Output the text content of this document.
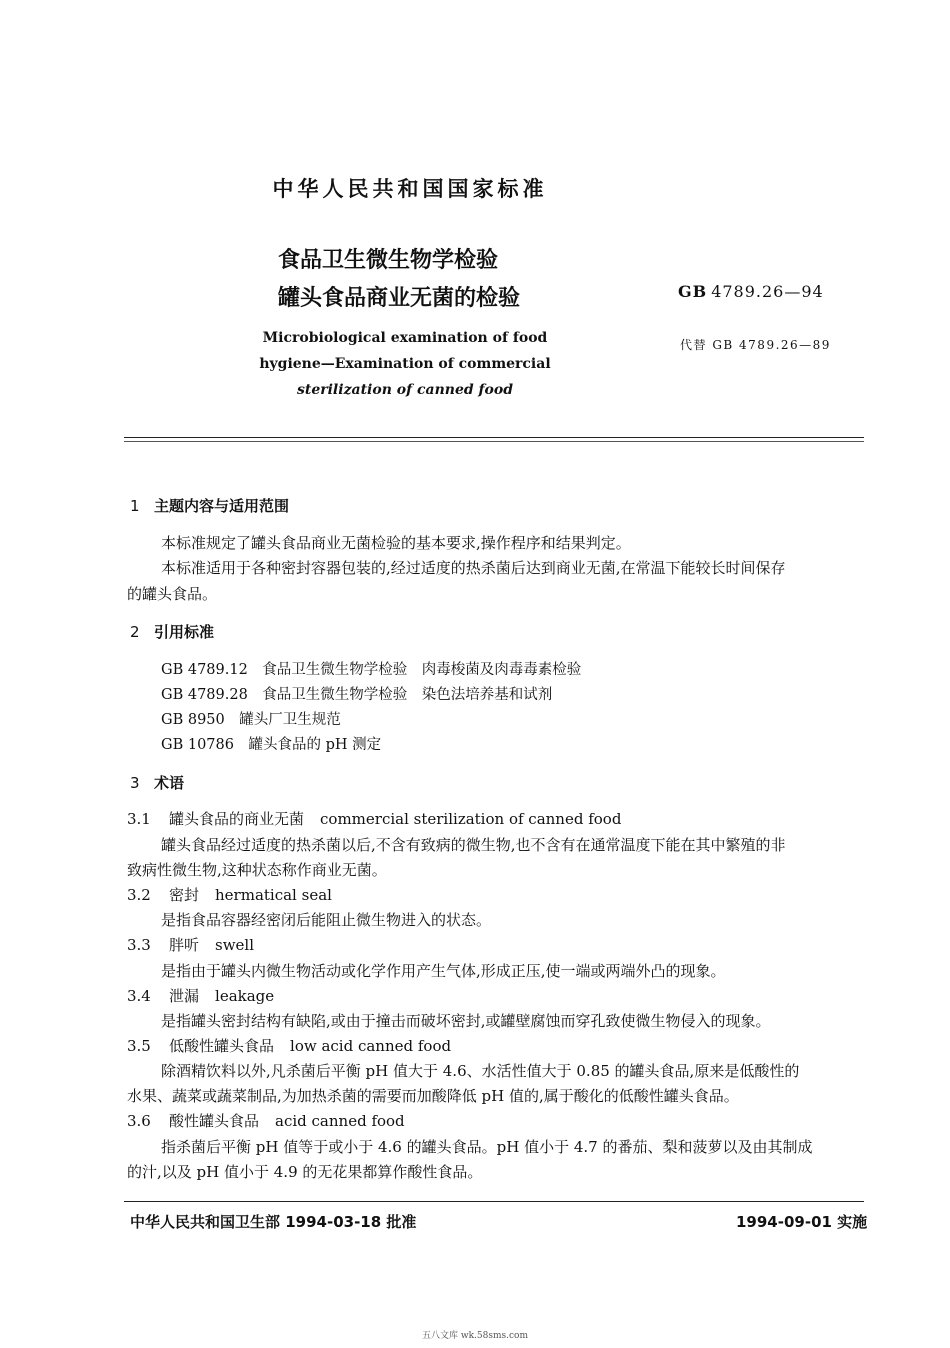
中华人民共和国国家标准
食品卫生微生物学检验
罐头食品商业无菌的检验	GB 4789.26—94
Microbiological examination of food
hygiene—Examination of commercial
sterilization of canned food
代替 GB 4789.26—89
1 主题内容与适用范围
本标准规定了罐头食品商业无菌检验的基本要求,操作程序和结果判定。
本标准适用于各种密封容器包装的,经过适度的热杀菌后达到商业无菌,在常温下能较长时间保存
的罐头食品。
2 引用标准
GB 4789.12　食品卫生微生物学检验　肉毒梭菌及肉毒毒素检验
GB 4789.28　食品卫生微生物学检验　染色法培养基和试剂
GB 8950　罐头厂卫生规范
GB 10786　罐头食品的 pH 测定
3 术语
3.1 罐头食品的商业无菌 commercial sterilization of canned food
罐头食品经过适度的热杀菌以后,不含有致病的微生物,也不含有在通常温度下能在其中繁殖的非
致病性微生物,这种状态称作商业无菌。
3.2 密封 hermatical seal
是指食品容器经密闭后能阻止微生物进入的状态。
3.3 胖听 swell
是指由于罐头内微生物活动或化学作用产生气体,形成正压,使一端或两端外凸的现象。
3.4 泄漏 leakage
是指罐头密封结构有缺陷,或由于撞击而破坏密封,或罐壁腐蚀而穿孔致使微生物侵入的现象。
3.5 低酸性罐头食品 low acid canned food
除酒精饮料以外,凡杀菌后平衡 pH 值大于 4.6、水活性值大于 0.85 的罐头食品,原来是低酸性的
水果、蔬菜或蔬菜制品,为加热杀菌的需要而加酸降低 pH 值的,属于酸化的低酸性罐头食品。
3.6 酸性罐头食品 acid canned food
指杀菌后平衡 pH 值等于或小于 4.6 的罐头食品。pH 值小于 4.7 的番茄、梨和菠萝以及由其制成
的汁,以及 pH 值小于 4.9 的无花果都算作酸性食品。
中华人民共和国卫生部 1994-03-18 批准	1994-09-01 实施
五八文库 wk.58sms.com
